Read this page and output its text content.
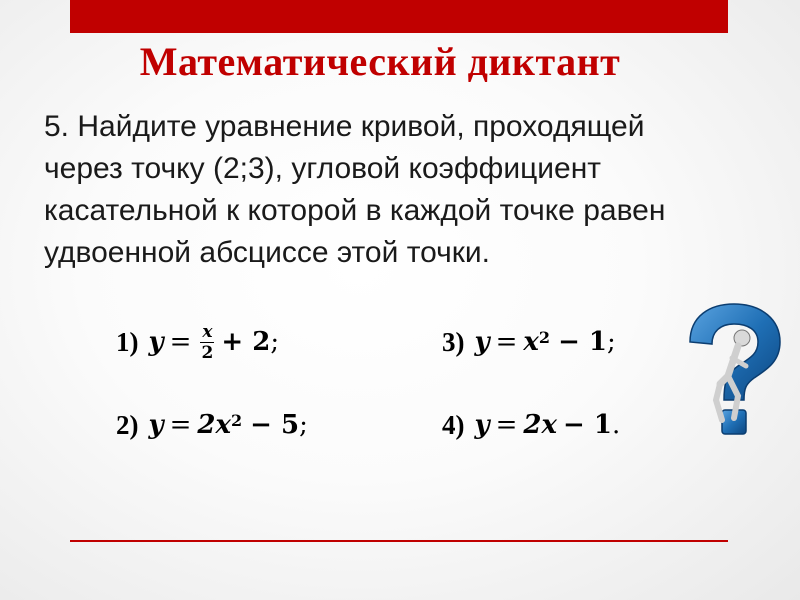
Математический диктант
5. Найдите уравнение кривой, проходящей
через точку (2;3), угловой коэффициент
касательной к которой в каждой точке равен
удвоенной абсциссе этой точки.
1) $y = \frac{x}{2} + 2$ ;
2) $y = 2x^2 - 5$ ;
3) $y = x^2 - 1$ ;
4) y = 2x − 1 .
